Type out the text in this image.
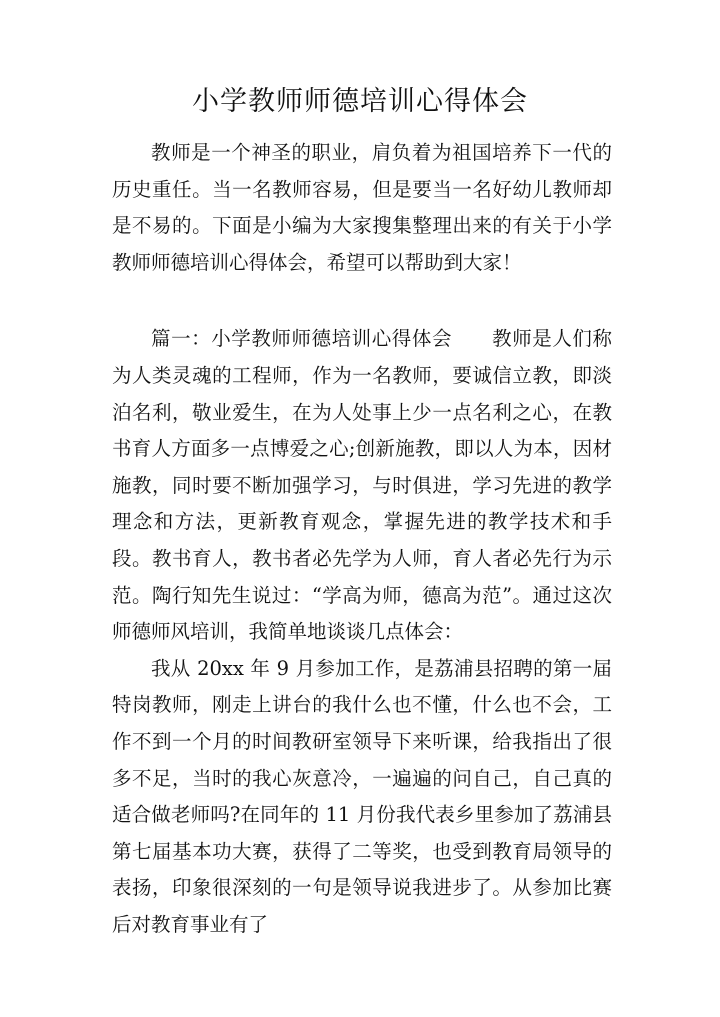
小学教师师德培训心得体会

教师是一个神圣的职业，肩负着为祖国培养下一代的历史重任。当一名教师容易，但是要当一名好幼儿教师却是不易的。下面是小编为大家搜集整理出来的有关于小学教师师德培训心得体会，希望可以帮助到大家！

篇一：小学教师师德培训心得体会　　教师是人们称为人类灵魂的工程师，作为一名教师，要诚信立教，即淡泊名利，敬业爱生，在为人处事上少一点名利之心，在教书育人方面多一点博爱之心;创新施教，即以人为本，因材施教，同时要不断加强学习，与时俱进，学习先进的教学理念和方法，更新教育观念，掌握先进的教学技术和手段。教书育人，教书者必先学为人师，育人者必先行为示范。陶行知先生说过：“学高为师，德高为范”。通过这次师德师风培训，我简单地谈谈几点体会：

我从 20xx 年 9 月参加工作，是荔浦县招聘的第一届特岗教师，刚走上讲台的我什么也不懂，什么也不会，工作不到一个月的时间教研室领导下来听课，给我指出了很多不足，当时的我心灰意冷，一遍遍的问自己，自己真的适合做老师吗?在同年的 11 月份我代表乡里参加了荔浦县第七届基本功大赛，获得了二等奖，也受到教育局领导的表扬，印象很深刻的一句是领导说我进步了。从参加比赛后对教育事业有了
